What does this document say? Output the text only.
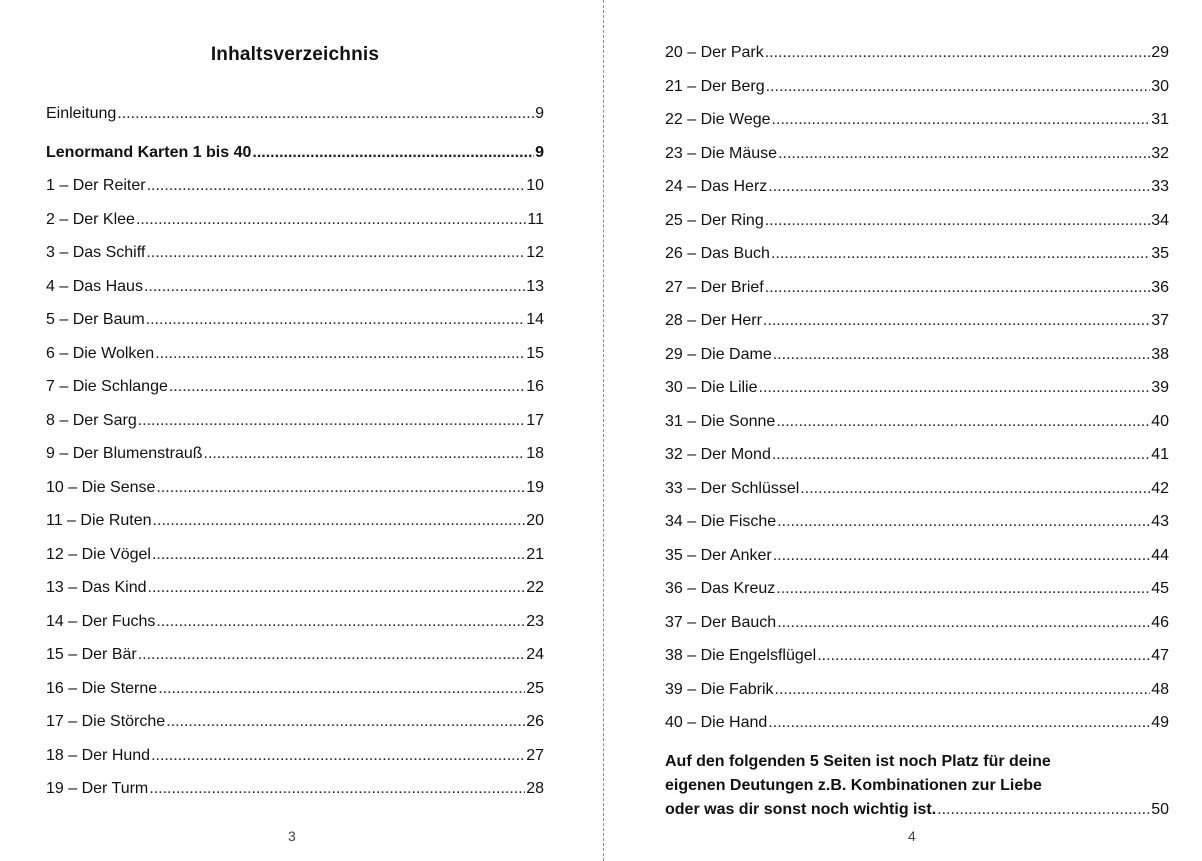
Inhaltsverzeichnis
Einleitung .....	9
Lenormand Karten 1 bis 40 .....	9
1 – Der Reiter .....	10
2 – Der Klee .....	11
3 – Das Schiff .....	12
4 – Das Haus .....	13
5 – Der Baum .....	14
6 – Die Wolken .....	15
7 – Die Schlange .....	16
8 – Der Sarg .....	17
9 – Der Blumenstrauß .....	18
10 – Die Sense .....	19
11 – Die Ruten .....	20
12 – Die Vögel .....	21
13 – Das Kind .....	22
14 – Der Fuchs .....	23
15 – Der Bär .....	24
16 – Die Sterne .....	25
17 – Die Störche .....	26
18 – Der Hund .....	27
19 – Der Turm .....	28
3
20 – Der Park .....	29
21 – Der Berg .....	30
22 – Die Wege .....	31
23 – Die Mäuse .....	32
24 – Das Herz .....	33
25 – Der Ring .....	34
26 – Das Buch .....	35
27 – Der Brief .....	36
28 – Der Herr .....	37
29 – Die Dame .....	38
30 – Die Lilie .....	39
31 – Die Sonne .....	40
32 – Der Mond .....	41
33 – Der Schlüssel .....	42
34 – Die Fische .....	43
35 – Der Anker .....	44
36 – Das Kreuz .....	45
37 – Der Bauch .....	46
38 – Die Engelsflügel .....	47
39 – Die Fabrik .....	48
40 – Die Hand .....	49
Auf den folgenden 5 Seiten ist noch Platz für deine
eigenen Deutungen z.B. Kombinationen zur Liebe
oder was dir sonst noch wichtig ist. .....	50
4
